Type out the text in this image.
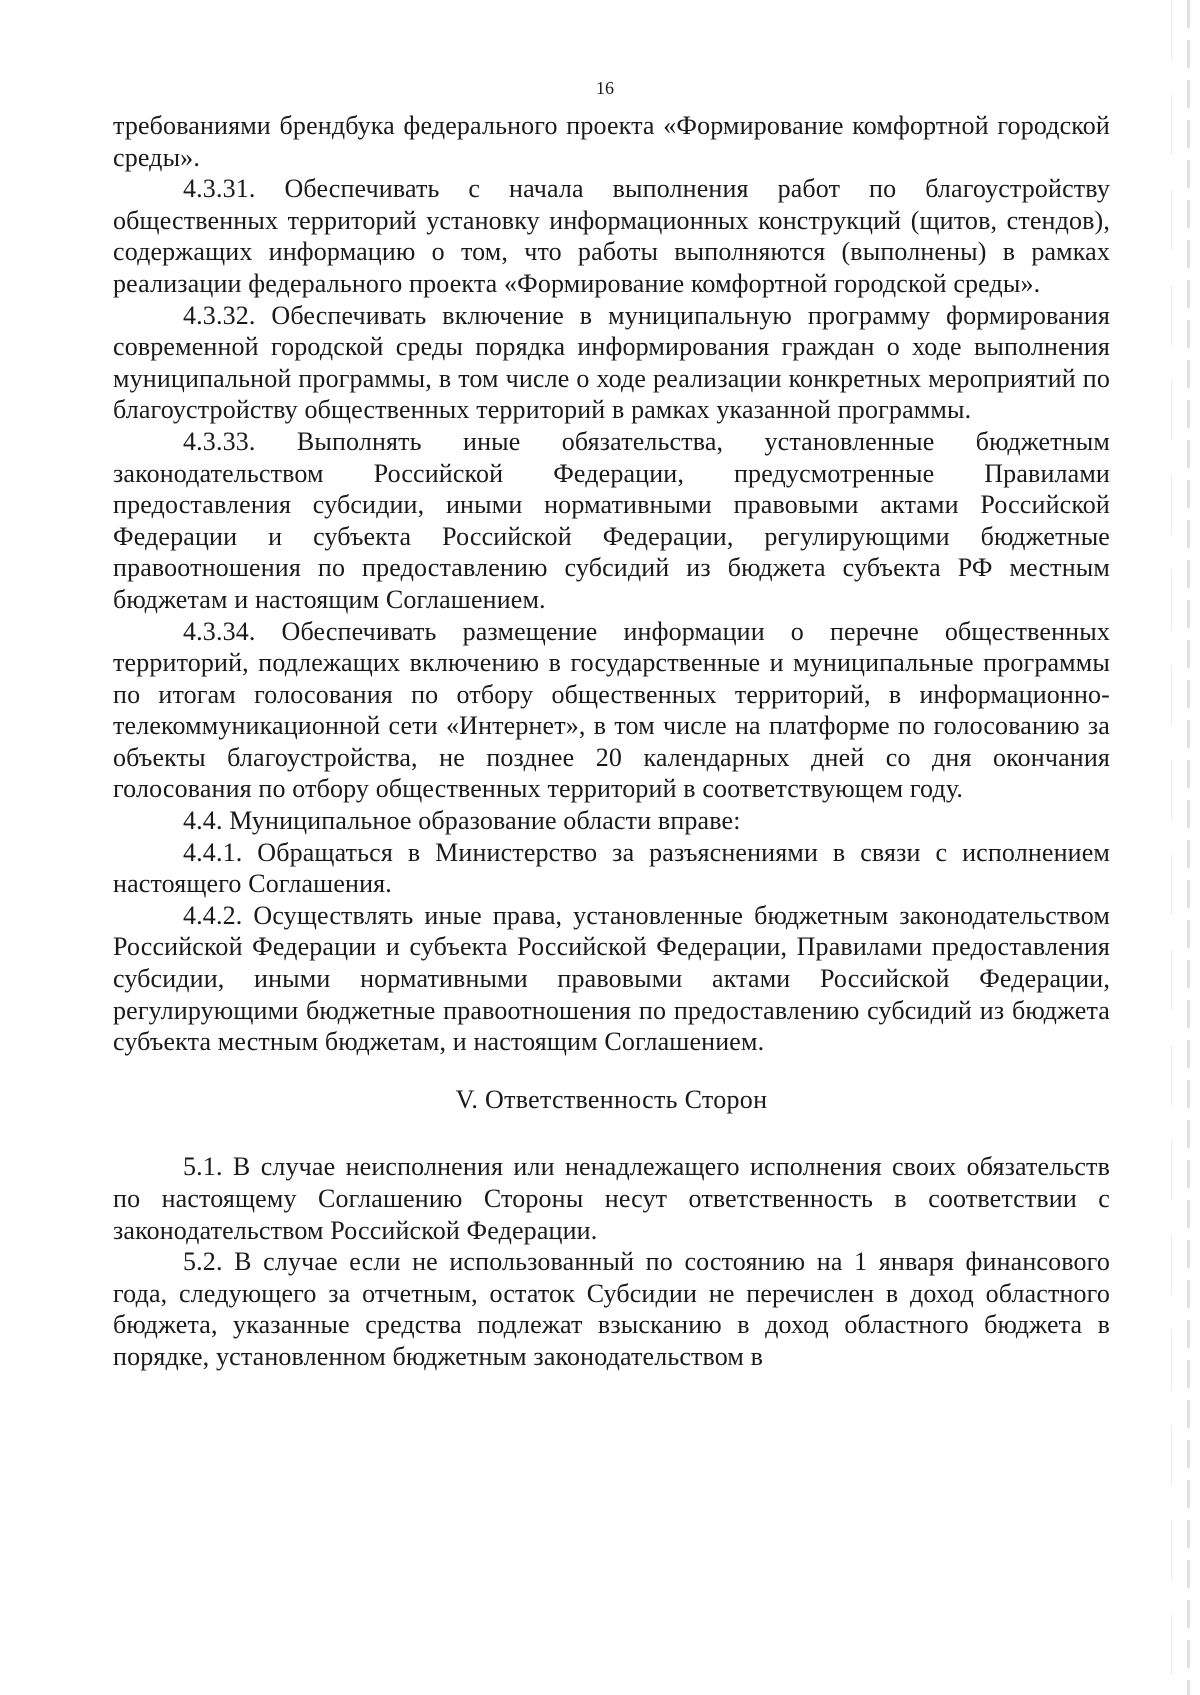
16

требованиями брендбука федерального проекта «Формирование комфортной городской среды».

4.3.31. Обеспечивать с начала выполнения работ по благоустройству общественных территорий установку информационных конструкций (щитов, стендов), содержащих информацию о том, что работы выполняются (выполнены) в рамках реализации федерального проекта «Формирование комфортной городской среды».

4.3.32. Обеспечивать включение в муниципальную программу формирования современной городской среды порядка информирования граждан о ходе выполнения муниципальной программы, в том числе о ходе реализации конкретных мероприятий по благоустройству общественных территорий в рамках указанной программы.

4.3.33. Выполнять иные обязательства, установленные бюджетным законодательством Российской Федерации, предусмотренные Правилами предоставления субсидии, иными нормативными правовыми актами Российской Федерации и субъекта Российской Федерации, регулирующими бюджетные правоотношения по предоставлению субсидий из бюджета субъекта РФ местным бюджетам и настоящим Соглашением.

4.3.34. Обеспечивать размещение информации о перечне общественных территорий, подлежащих включению в государственные и муниципальные программы по итогам голосования по отбору общественных территорий, в информационно-телекоммуникационной сети «Интернет», в том числе на платформе по голосованию за объекты благоустройства, не позднее 20 календарных дней со дня окончания голосования по отбору общественных территорий в соответствующем году.

4.4. Муниципальное образование области вправе:

4.4.1. Обращаться в Министерство за разъяснениями в связи с исполнением настоящего Соглашения.

4.4.2. Осуществлять иные права, установленные бюджетным законодательством Российской Федерации и субъекта Российской Федерации, Правилами предоставления субсидии, иными нормативными правовыми актами Российской Федерации, регулирующими бюджетные правоотношения по предоставлению субсидий из бюджета субъекта местным бюджетам, и настоящим Соглашением.

V. Ответственность Сторон

5.1. В случае неисполнения или ненадлежащего исполнения своих обязательств по настоящему Соглашению Стороны несут ответственность в соответствии с законодательством Российской Федерации.

5.2. В случае если не использованный по состоянию на 1 января финансового года, следующего за отчетным, остаток Субсидии не перечислен в доход областного бюджета, указанные средства подлежат взысканию в доход областного бюджета в порядке, установленном бюджетным законодательством в
